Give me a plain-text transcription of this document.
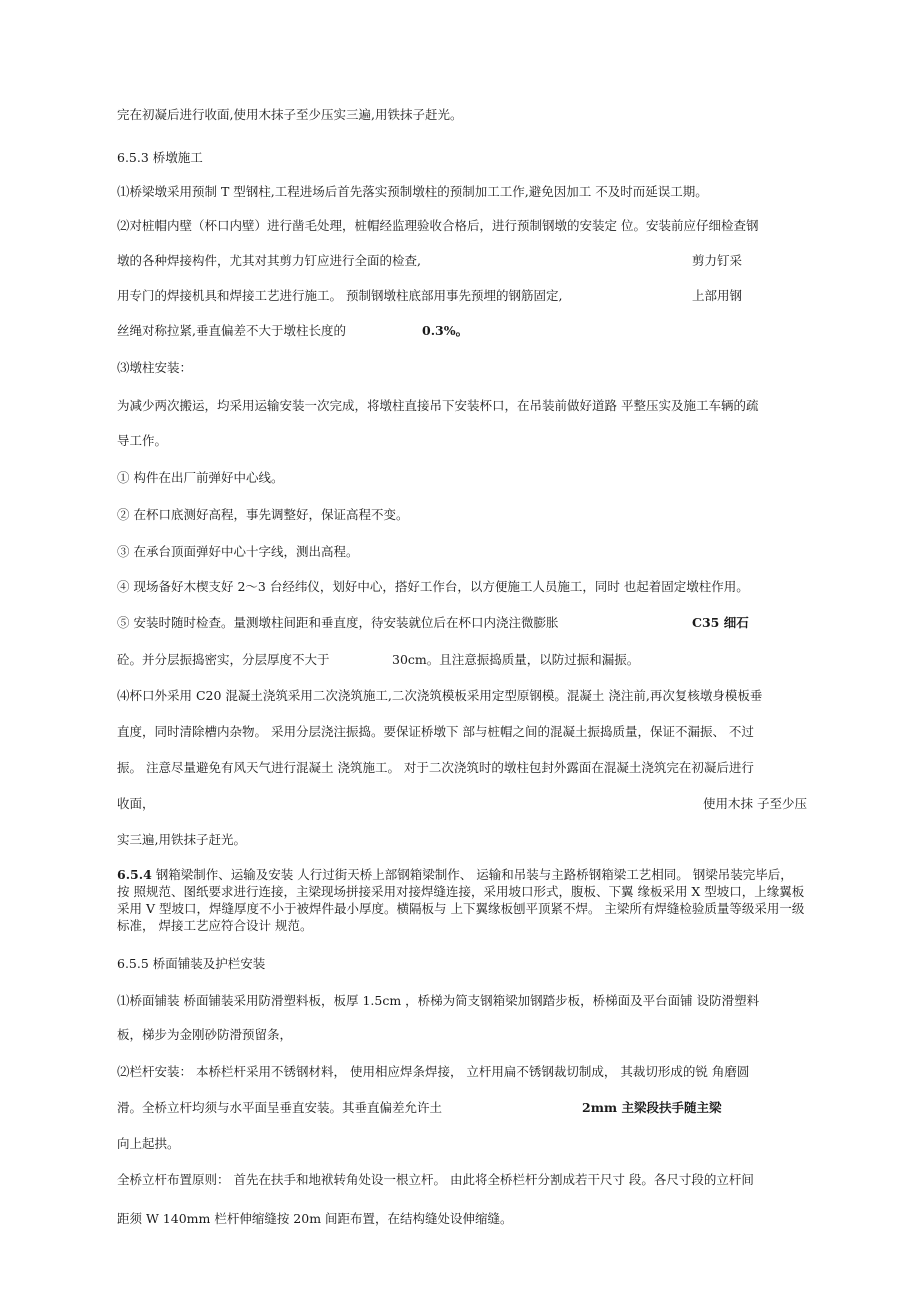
完在初凝后进行收面,使用木抹子至少压实三遍,用铁抹子赶光。
6.5.3 桥墩施工
⑴桥梁墩采用预制 T 型钢柱,工程进场后首先落实预制墩柱的预制加工工作,避免因加工 不及时而延误工期。
⑵对桩帽内壁（杯口内壁）进行凿毛处理，桩帽经监理验收合格后，进行预制钢墩的安装定 位。安装前应仔细检查钢
墩的各种焊接构件，尤其对其剪力钉应进行全面的检查,	剪力钉采
用专门的焊接机具和焊接工艺进行施工。 预制钢墩柱底部用事先预埋的钢筋固定,	上部用钢
丝绳对称拉紧,垂直偏差不大于墩柱长度的	0.3%。
⑶墩柱安装：
为减少两次搬运，均采用运输安装一次完成，将墩柱直接吊下安装杯口，在吊装前做好道路 平整压实及施工车辆的疏
导工作。
① 构件在出厂前弹好中心线。
② 在杯口底测好高程，事先调整好，保证高程不变。
③ 在承台顶面弹好中心十字线，测出高程。
④ 现场备好木楔支好 2～3 台经纬仪，划好中心，搭好工作台，以方便施工人员施工，同时 也起着固定墩柱作用。
⑤ 安装时随时检查。量测墩柱间距和垂直度，待安装就位后在杯口内浇注微膨胀	C35 细石
砼。并分层振捣密实，分层厚度不大于	30cm。且注意振捣质量，以防过振和漏振。
⑷杯口外采用 C20 混凝土浇筑采用二次浇筑施工,二次浇筑模板采用定型原钢模。混凝土 浇注前,再次复核墩身模板垂
直度，同时清除槽内杂物。 采用分层浇注振捣。要保证桥墩下 部与桩帽之间的混凝土振捣质量，保证不漏振、 不过
振。 注意尽量避免有风天气进行混凝土 浇筑施工。 对于二次浇筑时的墩柱包封外露面在混凝土浇筑完在初凝后进行
收面，	使用木抹 子至少压
实三遍,用铁抹子赶光。
6.5.4 钢箱梁制作、运输及安装 人行过街天桥上部钢箱梁制作、 运输和吊装与主路桥钢箱梁工艺相同。 钢梁吊装完毕后， 按 照规范、图纸要求进行连接，主梁现场拼接采用对接焊缝连接，采用坡口形式，腹板、下翼 缘板采用 X 型坡口，上缘翼板采用 V 型坡口，焊缝厚度不小于被焊件最小厚度。横隔板与 上下翼缘板刨平顶紧不焊。 主梁所有焊缝检验质量等级采用一级标准， 焊接工艺应符合设计 规范。
6.5.5 桥面铺装及护栏安装
⑴桥面铺装 桥面铺装采用防滑塑料板，板厚 1.5cm ，桥梯为简支钢箱梁加钢踏步板，桥梯面及平台面铺 设防滑塑料
板，梯步为金刚砂防滑预留条，
⑵栏杆安装： 本桥栏杆采用不锈钢材料， 使用相应焊条焊接， 立杆用扁不锈钢裁切制成， 其裁切形成的锐 角磨圆
滑。全桥立杆均须与水平面呈垂直安装。其垂直偏差允许土	2mm 主梁段扶手随主梁
向上起拱。
全桥立杆布置原则： 首先在扶手和地袱转角处设一根立杆。 由此将全桥栏杆分割成若干尺寸 段。各尺寸段的立杆间
距须 W 140mm 栏杆伸缩缝按 20m 间距布置，在结构缝处设伸缩缝。
